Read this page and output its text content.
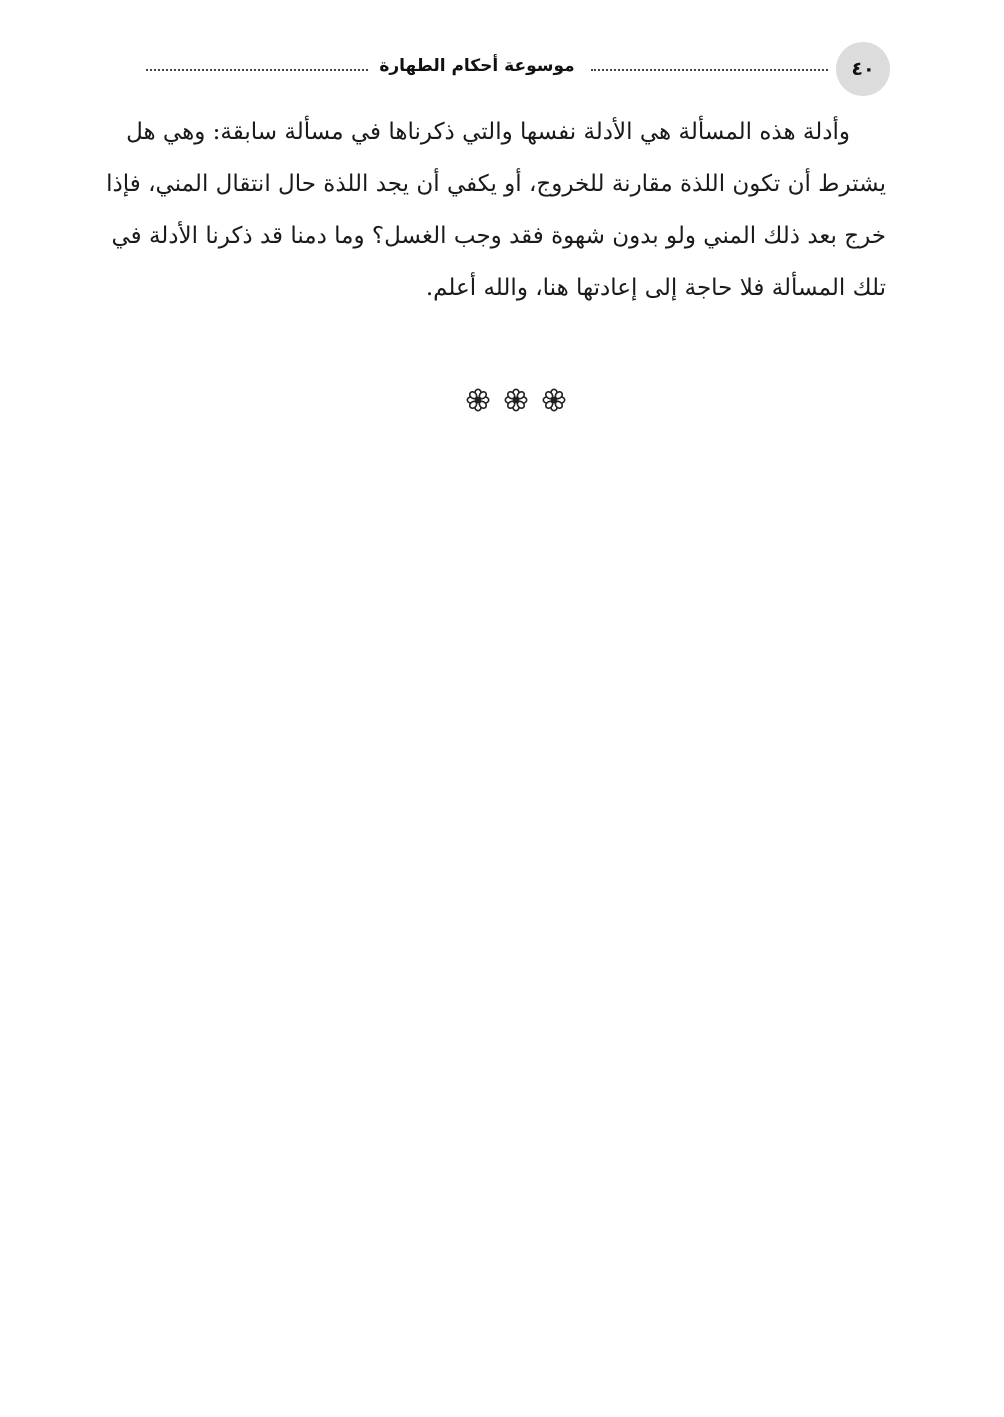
٤٠
موسوعة أحكام الطهارة
وأدلة هذه المسألة هي الأدلة نفسها والتي ذكرناها في مسألة سابقة: وهي هل
يشترط أن تكون اللذة مقارنة للخروج، أو يكفي أن يجد اللذة حال انتقال المني، فإذا
خرج بعد ذلك المني ولو بدون شهوة فقد وجب الغسل؟ وما دمنا قد ذكرنا الأدلة في
تلك المسألة فلا حاجة إلى إعادتها هنا، والله أعلم.
